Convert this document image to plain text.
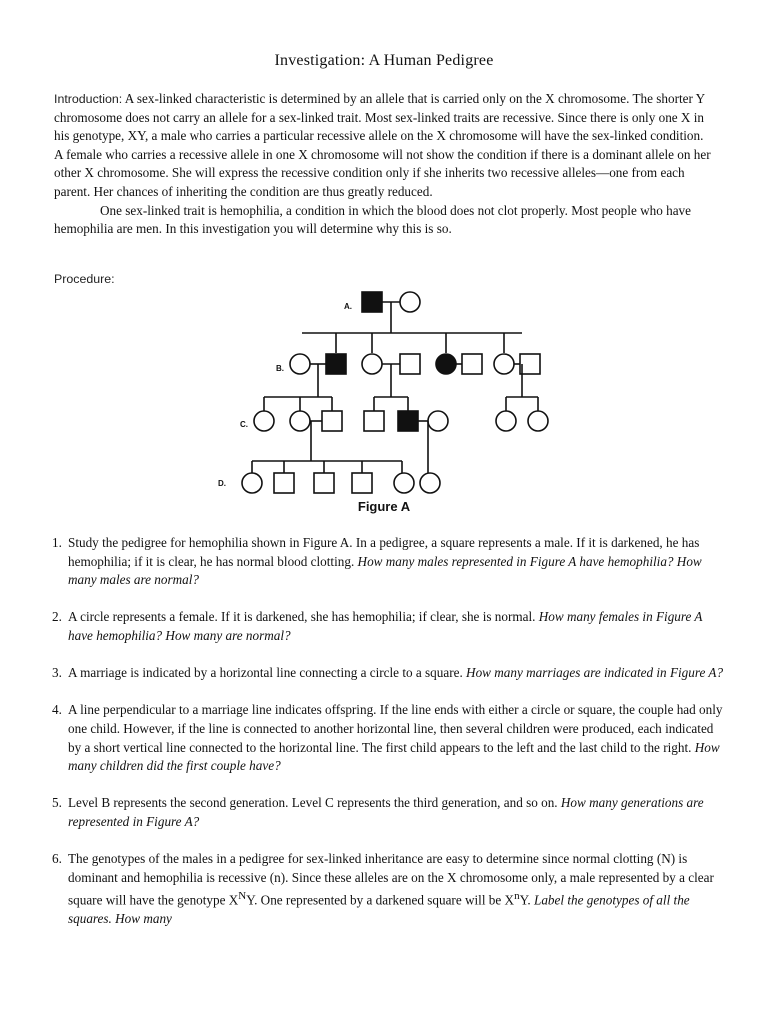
Investigation: A Human Pedigree
Introduction: A sex-linked characteristic is determined by an allele that is carried only on the X chromosome. The shorter Y chromosome does not carry an allele for a sex-linked trait. Most sex-linked traits are recessive. Since there is only one X in his genotype, XY, a male who carries a particular recessive allele on the X chromosome will have the sex-linked condition. A female who carries a recessive allele in one X chromosome will not show the condition if there is a dominant allele on her other X chromosome. She will express the recessive condition only if she inherits two recessive alleles—one from each parent. Her chances of inheriting the condition are thus greatly reduced.
One sex-linked trait is hemophilia, a condition in which the blood does not clot properly. Most people who have hemophilia are men. In this investigation you will determine why this is so.
Procedure:
A.
B.
C.
D.
Figure A
1. Study the pedigree for hemophilia shown in Figure A. In a pedigree, a square represents a male. If it is darkened, he has hemophilia; if it is clear, he has normal blood clotting. How many males represented in Figure A have hemophilia? How many males are normal?
2. A circle represents a female. If it is darkened, she has hemophilia; if clear, she is normal. How many females in Figure A have hemophilia? How many are normal?
3. A marriage is indicated by a horizontal line connecting a circle to a square. How many marriages are indicated in Figure A?
4. A line perpendicular to a marriage line indicates offspring. If the line ends with either a circle or square, the couple had only one child. However, if the line is connected to another horizontal line, then several children were produced, each indicated by a short vertical line connected to the horizontal line. The first child appears to the left and the last child to the right. How many children did the first couple have?
5. Level B represents the second generation. Level C represents the third generation, and so on. How many generations are represented in Figure A?
6. The genotypes of the males in a pedigree for sex-linked inheritance are easy to determine since normal clotting (N) is dominant and hemophilia is recessive (n). Since these alleles are on the X chromosome only, a male represented by a clear square will have the genotype $X^NY$. One represented by a darkened square will be $X^nY$. Label the genotypes of all the squares. How many
